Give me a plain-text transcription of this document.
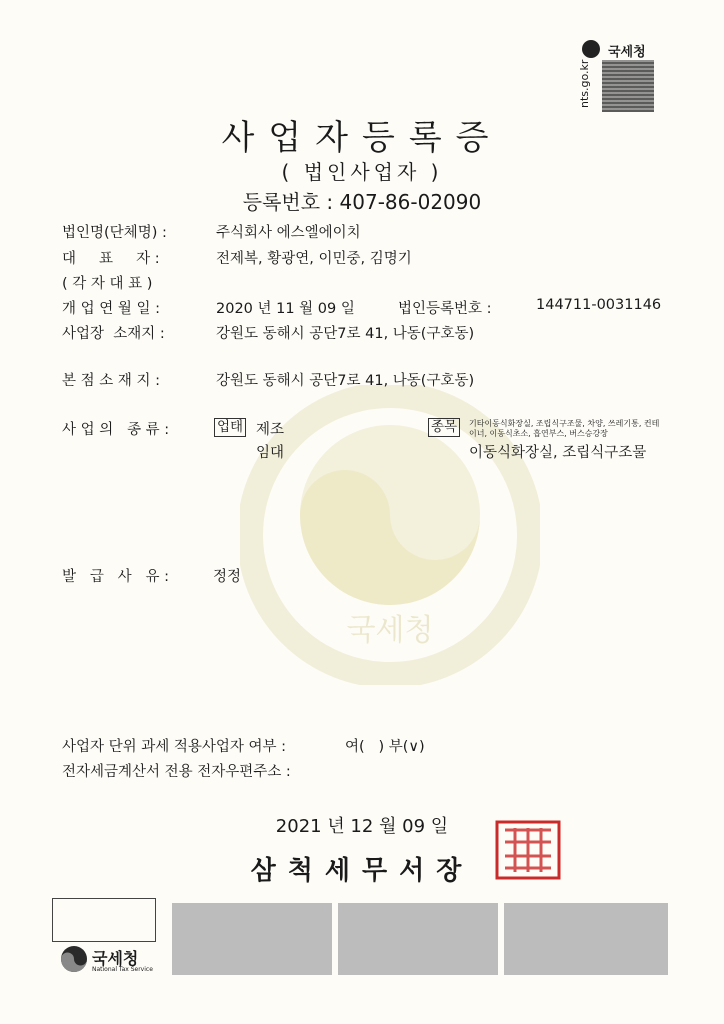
국세청
국세청
nts.go.kr
사업자등록증
( 법인사업자 )
등록번호 : 407-86-02090
법인명(단체명) :	주식회사 에스엘에이치
대     표     자 :	전제복, 황광연, 이민중, 김명기
( 각 자 대 표 )
개 업 연 월 일 :	2020 년 11 월 09 일	법인등록번호 :	144711-0031146
사업장  소재지 :	강원도 동해시 공단7로 41, 나동(구호동)
본 점 소 재 지 :	강원도 동해시 공단7로 41, 나동(구호동)
사 업 의   종 류 :	업태 제조
임대
종목	기타이동식화장실, 조립식구조물, 차양, 쓰레기통, 컨테
이너, 이동식초소, 흡연부스, 버스승강장
이동식화장실, 조립식구조물
발   급   사   유 :	정정
사업자 단위 과세 적용사업자 여부 :	여(   ) 부(∨)
전자세금계산서 전용 전자우편주소 :
2021 년 12 월 09 일
삼척세무서장
국세청
National Tax Service
